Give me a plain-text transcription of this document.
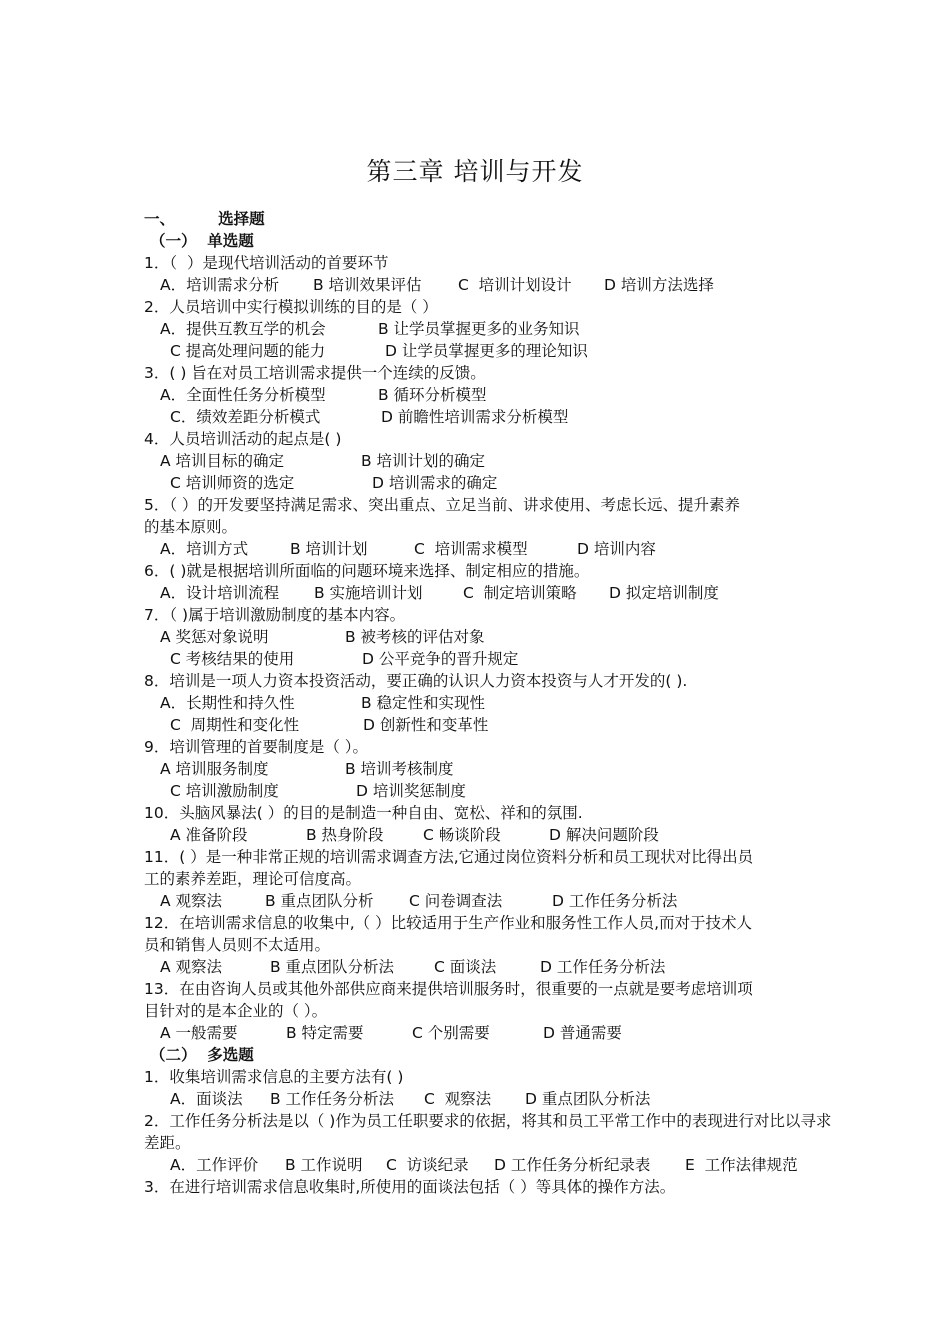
第三章 培训与开发
一、        选择题
（一）  单选题
1．（  ）是现代培训活动的首要环节
A．培训需求分析 B 培训效果评估 C  培训计划设计 D 培训方法选择
2．人员培训中实行模拟训练的目的是（ ）
A．提供互教互学的机会	B 让学员掌握更多的业务知识
C 提高处理问题的能力	D 让学员掌握更多的理论知识
3．( ) 旨在对员工培训需求提供一个连续的反馈。
A．全面性任务分析模型	B 循环分析模型
C．绩效差距分析模式	D 前瞻性培训需求分析模型
4．人员培训活动的起点是( )
A 培训目标的确定	B 培训计划的确定
C 培训师资的选定	D 培训需求的确定
5．（ ）的开发要坚持满足需求、突出重点、立足当前、讲求使用、考虑长远、提升素养
的基本原则。
A．培训方式	B 培训计划	C  培训需求模型	D 培训内容
6．( )就是根据培训所面临的问题环境来选择、制定相应的措施。
A．设计培训流程 B 实施培训计划	C  制定培训策略 D 拟定培训制度
7．（ )属于培训激励制度的基本内容。
A 奖惩对象说明	B 被考核的评估对象
C 考核结果的使用	D 公平竞争的晋升规定
8．培训是一项人力资本投资活动，要正确的认识人力资本投资与人才开发的( ).
A．长期性和持久性	B 稳定性和实现性
C  周期性和变化性	D 创新性和变革性
9．培训管理的首要制度是（ ）。
A 培训服务制度	B 培训考核制度
C 培训激励制度	D 培训奖惩制度
10．头脑风暴法( ）的目的是制造一种自由、宽松、祥和的氛围.
A 准备阶段	B 热身阶段	C 畅谈阶段	D 解决问题阶段
11．( ）是一种非常正规的培训需求调查方法,它通过岗位资料分析和员工现状对比得出员
工的素养差距，理论可信度高。
A 观察法	B 重点团队分析 C 问卷调查法	D 工作任务分析法
12．在培训需求信息的收集中,（ ）比较适用于生产作业和服务性工作人员,而对于技术人
员和销售人员则不太适用。
A 观察法	B 重点团队分析法	C 面谈法	D 工作任务分析法
13．在由咨询人员或其他外部供应商来提供培训服务时，很重要的一点就是要考虑培训项
目针对的是本企业的（ ）。
A 一般需要	B 特定需要	C 个别需要	D 普通需要
（二）  多选题
1．收集培训需求信息的主要方法有( )
A．面谈法 B 工作任务分析法 C  观察法 D 重点团队分析法
2．工作任务分析法是以（ )作为员工任职要求的依据，将其和员工平常工作中的表现进行对比以寻求
差距。
A．工作评价 B 工作说明 C  访谈纪录 D 工作任务分析纪录表 E  工作法律规范
3．在进行培训需求信息收集时,所使用的面谈法包括（ ）等具体的操作方法。
